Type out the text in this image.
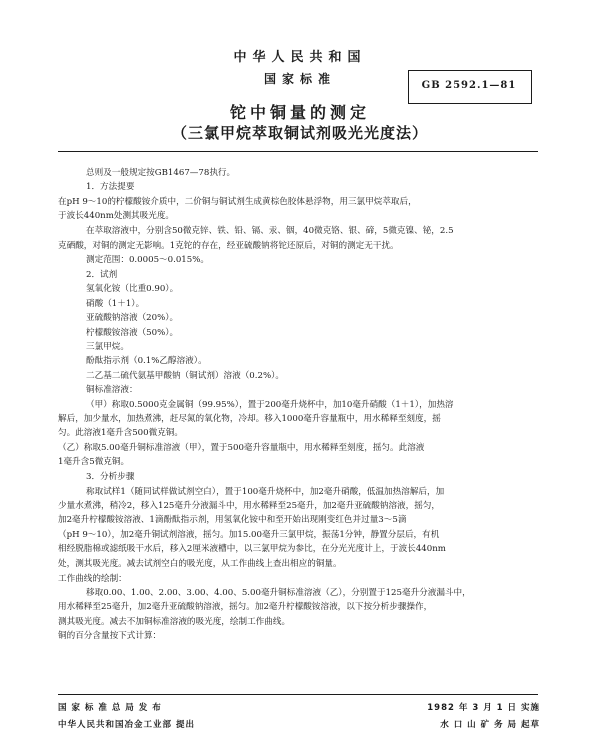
中华人民共和国
国家标准	GB 2592.1—81
铊中铜量的测定
（三氯甲烷萃取铜试剂吸光光度法）
总则及一般规定按GB1467—78执行。
1．方法提要
在pH 9～10的柠檬酸铵介质中，二价铜与铜试剂生成黄棕色胶体悬浮物，用三氯甲烷萃取后，
于波长440nm处测其吸光度。
在萃取溶液中，分别含50微克锌、铁、铅、镉、汞、铟，40微克铬、银、碲，5微克镍、铋，2.5
克硒酸，对铜的测定无影响。1克铊的存在，经亚硫酸钠将铊还原后，对铜的测定无干扰。
测定范围：0.0005～0.015%。
2．试剂
氢氧化铵（比重0.90）。
硝酸（1＋1）。
亚硫酸钠溶液（20%）。
柠檬酸铵溶液（50%）。
三氯甲烷。
酚酞指示剂（0.1%乙醇溶液）。
二乙基二硫代氨基甲酸钠（铜试剂）溶液（0.2%）。
铜标准溶液：
（甲）称取0.5000克金属铜（99.95%），置于200毫升烧杯中，加10毫升硝酸（1＋1），加热溶
解后，加少量水，加热煮沸，赶尽氮的氧化物，冷却。移入1000毫升容量瓶中，用水稀释至刻度，摇
匀。此溶液1毫升含500微克铜。
（乙）称取5.00毫升铜标准溶液（甲），置于500毫升容量瓶中，用水稀释至刻度，摇匀。此溶液
1毫升含5微克铜。
3．分析步骤
称取试样1（随同试样做试剂空白），置于100毫升烧杯中，加2毫升硝酸，低温加热溶解后，加
少量水煮沸，稍冷2，移入125毫升分液漏斗中，用水稀释至25毫升，加2毫升亚硫酸钠溶液，摇匀，
加2毫升柠檬酸铵溶液、1滴酚酞指示剂，用氢氧化铵中和至开始出现刚变红色并过量3～5滴
（pH 9～10），加2毫升铜试剂溶液，摇匀。加15.00毫升三氯甲烷，振荡1分钟，静置分层后，有机
相经脱脂棉或滤纸吸干水后，移入2厘米液槽中，以三氯甲烷为参比，在分光光度计上，于波长440nm
处，测其吸光度。减去试剂空白的吸光度，从工作曲线上查出相应的铜量。
工作曲线的绘制：
移取0.00、1.00、2.00、3.00、4.00、5.00毫升铜标准溶液（乙），分别置于125毫升分液漏斗中，
用水稀释至25毫升，加2毫升亚硫酸钠溶液，摇匀。加2毫升柠檬酸铵溶液，以下按分析步骤操作，
测其吸光度。减去不加铜标准溶液的吸光度，绘制工作曲线。
铜的百分含量按下式计算：
国 家 标 准 总 局 发 布	1982 年 3 月 1 日 实施
中华人民共和国冶金工业部 提出	水 口 山 矿 务 局 起草
